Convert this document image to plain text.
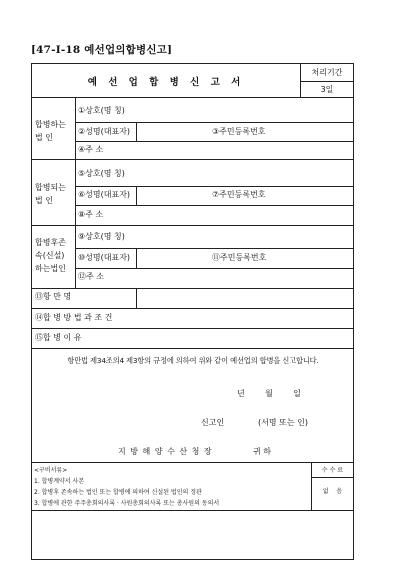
[47-Ⅰ-18 예선업의합병신고]
예 선 업 합 병 신 고 서
처리기간
3일
합병하는
법 인
①상호(명 칭)
②성명(대표자)	③주민등록번호
④주 소
합병되는
법 인
⑤상호(명 칭)
⑥성명(대표자)	⑦주민등록번호
⑧주 소
합병후존
속(신설)
하는법인
⑨상호(명 칭)
⑩성명(대표자)	⑪주민등록번호
⑫주 소
⑬항 만 명
⑭합 병 방 법 과 조 건
⑮합 병 이 유
항만법 제34조의4 제3항의 규정에 의하여 위와 같이 예선업의 합병을 신고합니다.
년        월        일
신고인	(서명 또는 인)
지 방 해 양 수 산 청 장	귀 하
<구비서류>
1. 합병계약서 사본
2. 합병후 존속하는 법인 또는 합병에 의하여 신설된 법인의 정관
3. 합병에 관한 주주총회의사록 · 사원총회의사록 또는 총사원의 동의서
수 수 료
없    음
